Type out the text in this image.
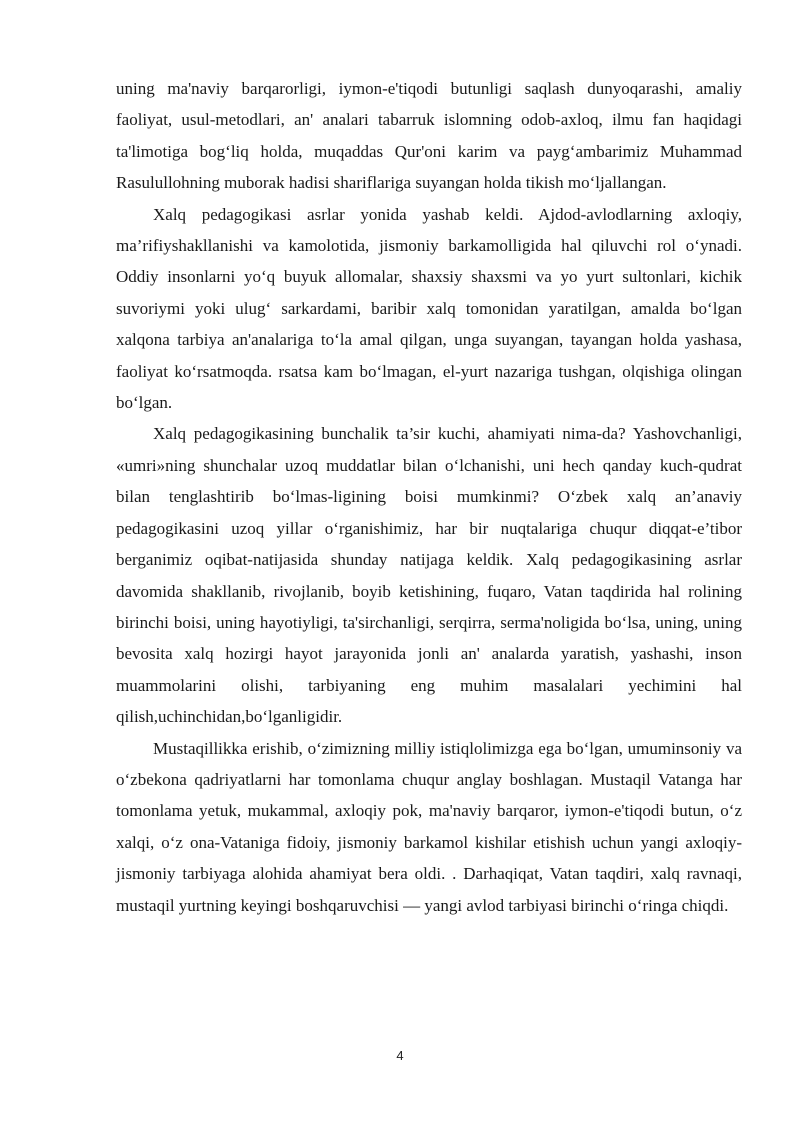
uning ma'naviy barqarorligi, iymon-e'tiqodi butunligi saqlash dunyoqarashi, amaliy faoliyat, usul-metodlari, an' analari tabarruk islomning odob-axloq, ilmu fan haqidagi ta'limotiga bog‘liq holda, muqaddas Qur'oni karim va payg‘ambarimiz Muhammad Rasulullohning muborak hadisi shariflariga suyangan holda tikish mo‘ljallangan.

Xalq pedagogikasi asrlar yonida yashab keldi. Ajdod-avlodlarning axloqiy, ma’rifiyshakllanishi va kamolotida, jismoniy barkamolligida hal qiluvchi rol o‘ynadi. Oddiy insonlarni yo‘q buyuk allomalar, shaxsiy shaxsmi va yo yurt sultonlari, kichik suvoriymi yoki ulug‘ sarkardami, baribir xalq tomonidan yaratilgan, amalda bo‘lgan xalqona tarbiya an'analariga to‘la amal qilgan, unga suyangan, tayangan holda yashasa, faoliyat ko‘rsatmoqda. rsatsa kam bo‘lmagan, el-yurt nazariga tushgan, olqishiga olingan bo‘lgan.

Xalq pedagogikasining bunchalik ta’sir kuchi, ahamiyati nima-da? Yashovchanligi, «umri»ning shunchalar uzoq muddatlar bilan o‘lchanishi, uni hech qanday kuch-qudrat bilan tenglashtirib bo‘lmas-ligining boisi mumkinmi? O‘zbek xalq an’anaviy pedagogikasini uzoq yillar o‘rganishimiz, har bir nuqtalariga chuqur diqqat-e’tibor berganimiz oqibat-natijasida shunday natijaga keldik. Xalq pedagogikasining asrlar davomida shakllanib, rivojlanib, boyib ketishining, fuqaro, Vatan taqdirida hal rolining birinchi boisi, uning hayotiyligi, ta'sirchanligi, serqirra, serma'noligida bo‘lsa, uning, uning bevosita xalq hozirgi hayot jarayonida jonli an' analarda yaratish, yashashi, inson muammolarini olishi, tarbiyaning eng muhim masalalari yechimini hal qilish,uchinchidan,bo‘lganligidir.

Mustaqillikka erishib, o‘zimizning milliy istiqlolimizga ega bo‘lgan, umuminsoniy va o‘zbekona qadriyatlarni har tomonlama chuqur anglay boshlagan. Mustaqil Vatanga har tomonlama yetuk, mukammal, axloqiy pok, ma'naviy barqaror, iymon-e'tiqodi butun, o‘z xalqi, o‘z ona-Vataniga fidoiy, jismoniy barkamol kishilar etishish uchun yangi axloqiy-jismoniy tarbiyaga alohida ahamiyat bera oldi. . Darhaqiqat, Vatan taqdiri, xalq ravnaqi, mustaqil yurtning keyingi boshqaruvchisi — yangi avlod tarbiyasi birinchi o‘ringa chiqdi.

4
